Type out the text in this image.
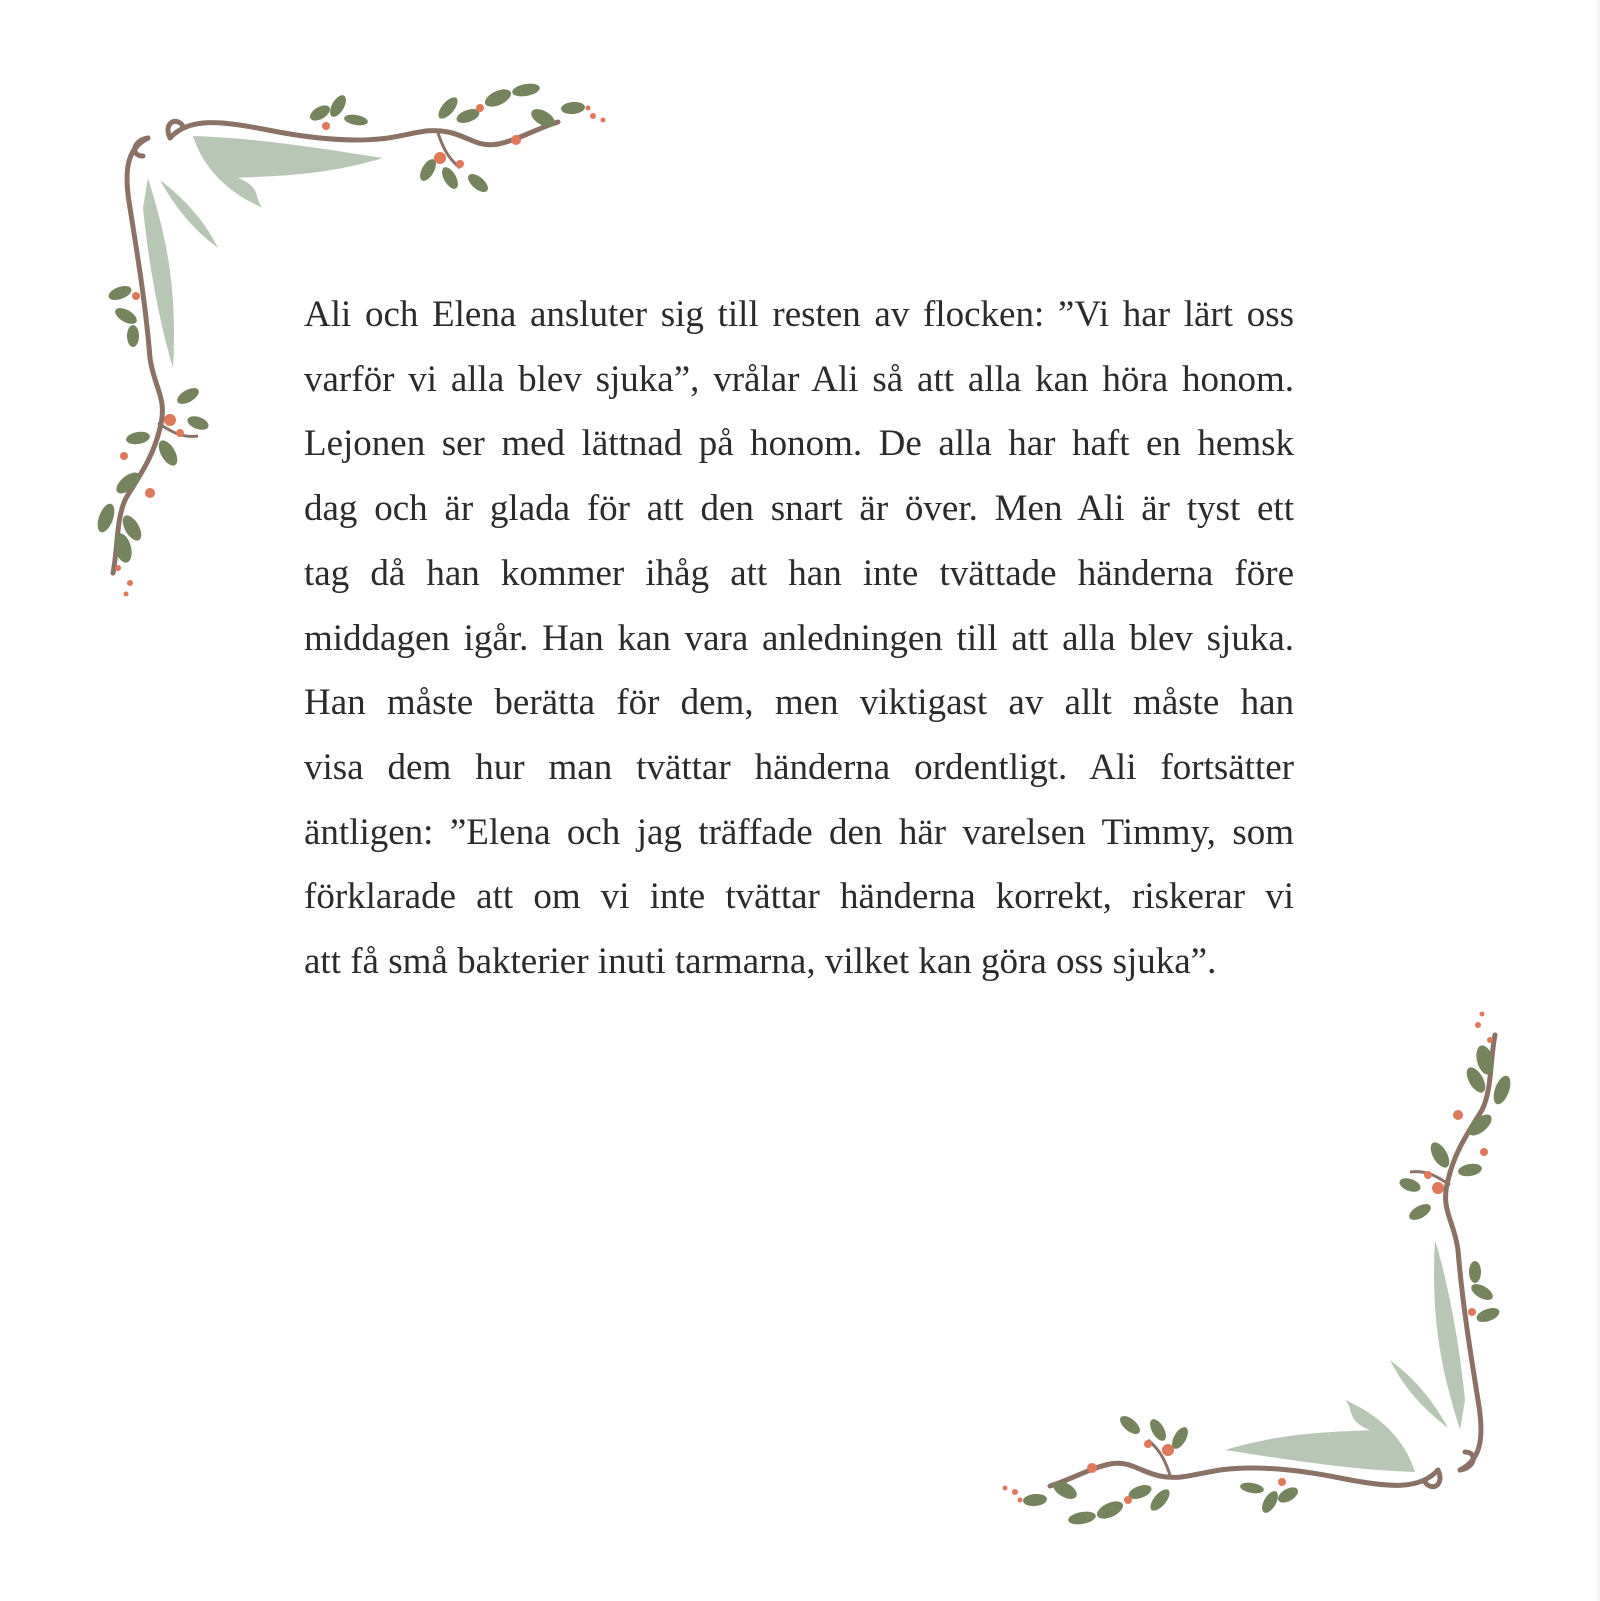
Ali och Elena ansluter sig till resten av flocken: ”Vi har lärt oss
varför vi alla blev sjuka”, vrålar Ali så att alla kan höra honom.
Lejonen ser med lättnad på honom. De alla har haft en hemsk
dag och är glada för att den snart är över. Men Ali är tyst ett
tag då han kommer ihåg att han inte tvättade händerna före
middagen igår. Han kan vara anledningen till att alla blev sjuka.
Han måste berätta för dem, men viktigast av allt måste han
visa dem hur man tvättar händerna ordentligt. Ali fortsätter
äntligen: ”Elena och jag träffade den här varelsen Timmy, som
förklarade att om vi inte tvättar händerna korrekt, riskerar vi
att få små bakterier inuti tarmarna, vilket kan göra oss sjuka”.
